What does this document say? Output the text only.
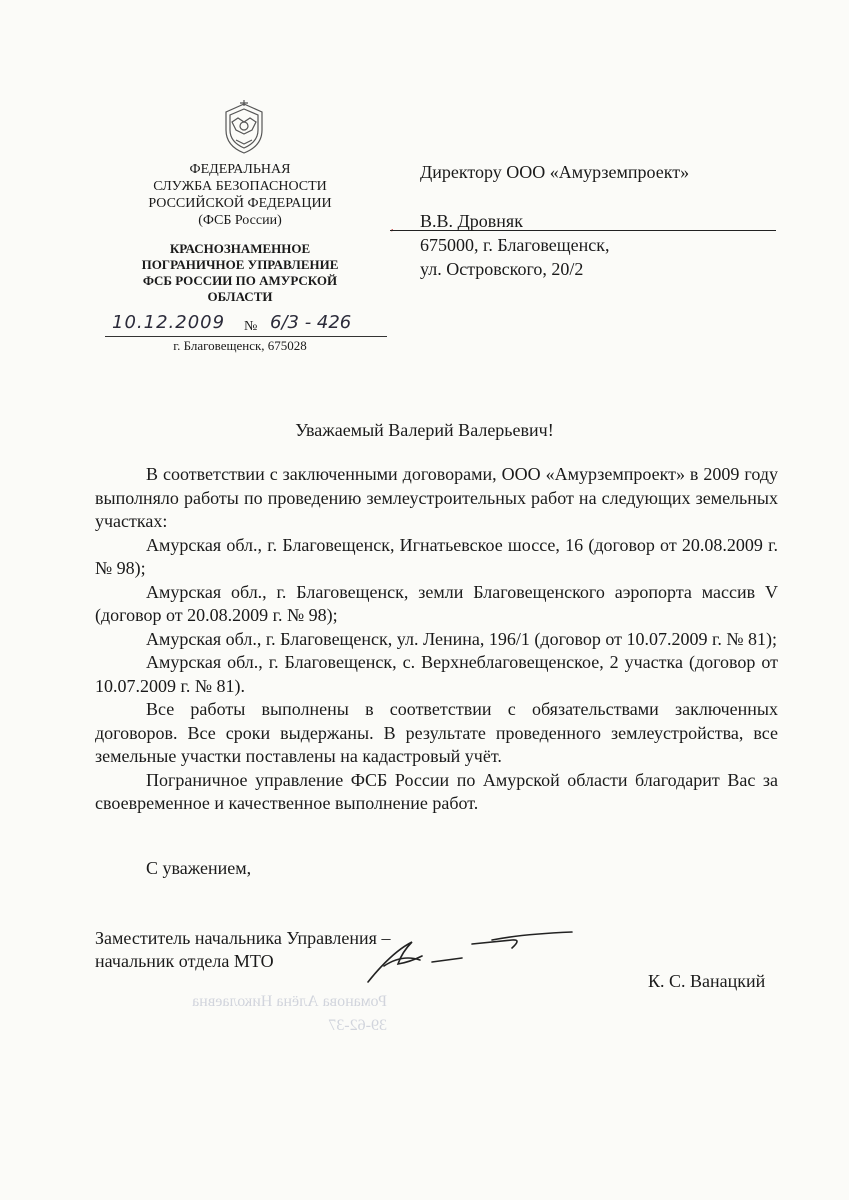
ФЕДЕРАЛЬНАЯ
СЛУЖБА БЕЗОПАСНОСТИ
РОССИЙСКОЙ ФЕДЕРАЦИИ
(ФСБ России)
КРАСНОЗНАМЕННОЕ
ПОГРАНИЧНОЕ УПРАВЛЕНИЕ
ФСБ РОССИИ ПО АМУРСКОЙ
ОБЛАСТИ
10.12.2009 № 6/3 - 426
г. Благовещенск, 675028
,
Директору ООО «Амурземпроект»
В.В. Дровняк
675000, г. Благовещенск,
ул. Островского, 20/2
Уважаемый Валерий Валерьевич!

В соответствии с заключенными договорами, ООО «Амурземпроект» в 2009 году выполняло работы по проведению землеустроительных работ на следующих земельных участках:

Амурская обл., г. Благовещенск, Игнатьевское шоссе, 16 (договор от 20.08.2009 г. № 98);

Амурская обл., г. Благовещенск, земли Благовещенского аэропорта массив V (договор от 20.08.2009 г. № 98);

Амурская обл., г. Благовещенск, ул. Ленина, 196/1 (договор от 10.07.2009 г. № 81);

Амурская обл., г. Благовещенск, с. Верхнеблаговещенское, 2 участка (договор от 10.07.2009 г. № 81).

Все работы выполнены в соответствии с обязательствами заключенных договоров. Все сроки выдержаны. В результате проведенного землеустройства, все земельные участки поставлены на кадастровый учёт.

Пограничное управление ФСБ России по Амурской области благодарит Вас за своевременное и качественное выполнение работ.

С уважением,
Заместитель начальника Управления –
начальник отдела МТО
К. С. Ванацкий
Романова Алёна Николаевна
39-62-37
